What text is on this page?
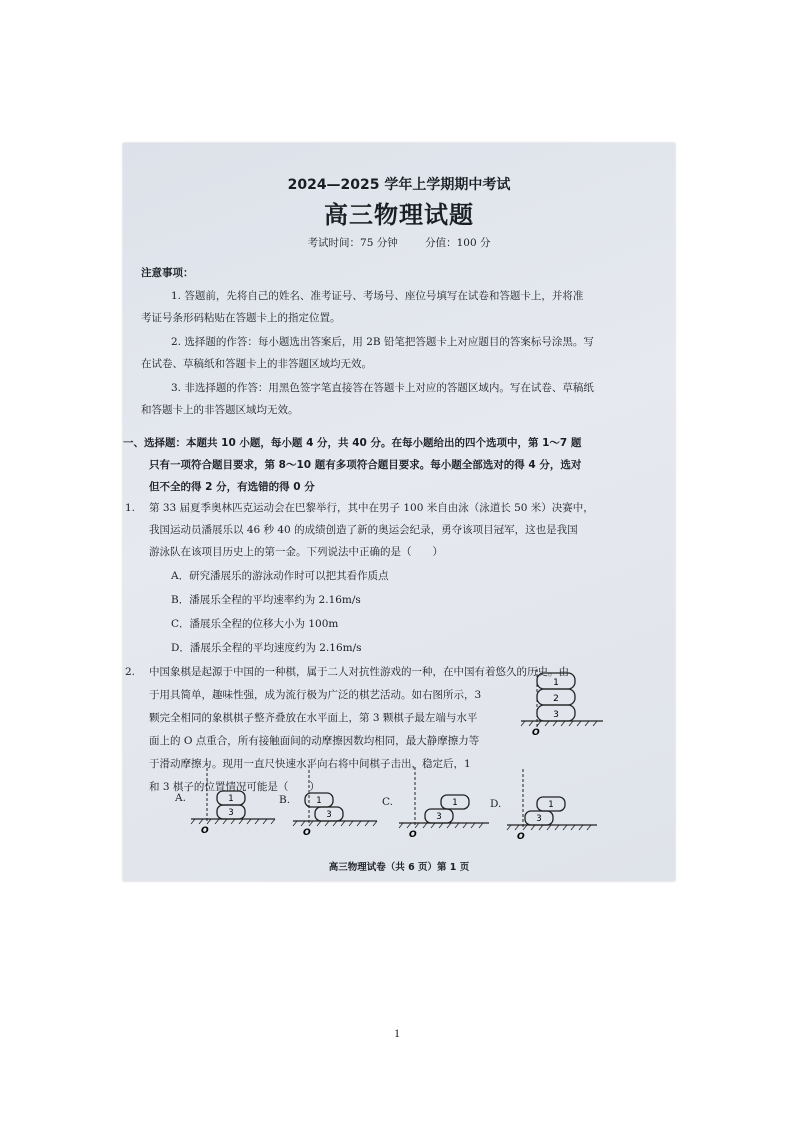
2024—2025 学年上学期期中考试
高三物理试题
考试时间：75 分钟	分值：100 分
注意事项：
1. 答题前，先将自己的姓名、准考证号、考场号、座位号填写在试卷和答题卡上，并将准
考证号条形码粘贴在答题卡上的指定位置。
2. 选择题的作答：每小题选出答案后，用 2B 铅笔把答题卡上对应题目的答案标号涂黑。写
在试卷、草稿纸和答题卡上的非答题区域均无效。
3. 非选择题的作答：用黑色签字笔直接答在答题卡上对应的答题区域内。写在试卷、草稿纸
和答题卡上的非答题区域均无效。
一、选择题：本题共 10 小题，每小题 4 分，共 40 分。在每小题给出的四个选项中，第 1～7 题
只有一项符合题目要求，第 8～10 题有多项符合题目要求。每小题全部选对的得 4 分，选对
但不全的得 2 分，有选错的得 0 分
1. 第 33 届夏季奥林匹克运动会在巴黎举行，其中在男子 100 米自由泳（泳道长 50 米）决赛中，
我国运动员潘展乐以 46 秒 40 的成绩创造了新的奥运会纪录，勇夺该项目冠军，这也是我国
游泳队在该项目历史上的第一金。下列说法中正确的是（　　）
A．研究潘展乐的游泳动作时可以把其看作质点
B．潘展乐全程的平均速率约为 2.16m/s
C．潘展乐全程的位移大小为 100m
D．潘展乐全程的平均速度约为 2.16m/s
2. 中国象棋是起源于中国的一种棋，属于二人对抗性游戏的一种，在中国有着悠久的历史。由
于用具简单，趣味性强，成为流行极为广泛的棋艺活动。如右图所示，3
颗完全相同的象棋棋子整齐叠放在水平面上，第 3 颗棋子最左端与水平
面上的 O 点重合，所有接触面间的动摩擦因数均相同，最大静摩擦力等
于滑动摩擦力。现用一直尺快速水平向右将中间棋子击出，稳定后，1
和 3 棋子的位置情况可能是（　　）
1
2
3
O
A.	1
3
O
B.	1
3
O
C.	1
3
O
D.	1
3
O
高三物理试卷（共 6 页）第 1 页
1
